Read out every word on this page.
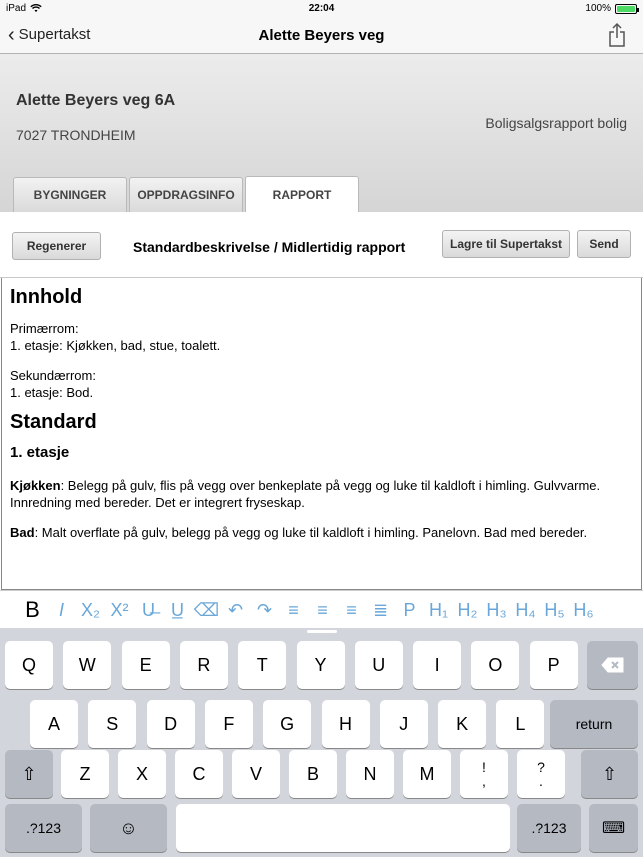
iPad	22:04	100%
‹ Supertakst	Alette Beyers veg
Alette Beyers veg 6A
7027 TRONDHEIM
Boligsalgsrapport bolig
BYGNINGER	OPPDRAGSINFO	RAPPORT
Regenerer	Standardbeskrivelse / Midlertidig rapport	Lagre til Supertakst	Send
Innhold

Primærrom:
1. etasje: Kjøkken, bad, stue, toalett.

Sekundærrom:
1. etasje: Bod.

Standard
1. etasje

Kjøkken: Belegg på gulv, flis på vegg over benkeplate på vegg og luke til kaldloft i himling. Gulvvarme. Innredning med bereder. Det er integrert fryseskap.

Bad: Malt overflate på gulv, belegg på vegg og luke til kaldloft i himling. Panelovn. Bad med bereder.

B	I X₂ X² U̶ U̲ ⌫ ↶ ↷ ≡	≡	≡ ≣ P H₁ H₂ H₃ H₄ H₅ H₆
Q	W	E	R	T	Y	U	I	O	P
A	S	D	F	G	H	J	K	L	return
⇧	Z	X	C	V	B	N	M	!
,
?
.	⇧
.?123	☺	.?123	⌨
